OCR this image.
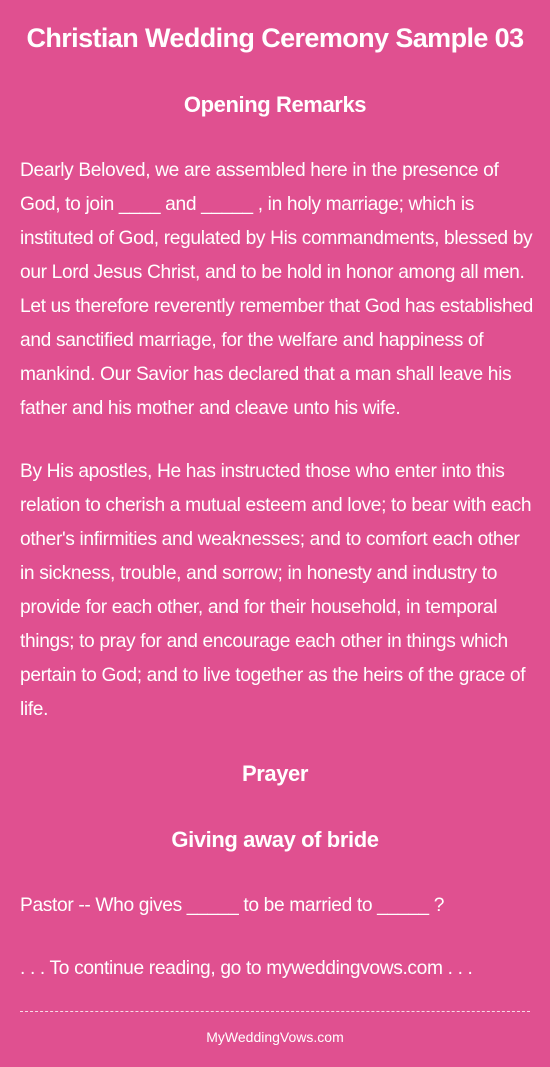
Christian Wedding Ceremony Sample 03
Opening Remarks
Dearly Beloved, we are assembled here in the presence of God, to join ____ and _____ , in holy marriage; which is instituted of God, regulated by His commandments, blessed by our Lord Jesus Christ, and to be hold in honor among all men. Let us therefore reverently remember that God has established and sanctified marriage, for the welfare and happiness of mankind. Our Savior has declared that a man shall leave his father and his mother and cleave unto his wife.
By His apostles, He has instructed those who enter into this relation to cherish a mutual esteem and love; to bear with each other's infirmities and weaknesses; and to comfort each other in sickness, trouble, and sorrow; in honesty and industry to provide for each other, and for their household, in temporal things; to pray for and encourage each other in things which pertain to God; and to live together as the heirs of the grace of life.
Prayer
Giving away of bride
Pastor -- Who gives _____ to be married to _____ ?
. . . To continue reading, go to myweddingvows.com . . .
MyWeddingVows.com
